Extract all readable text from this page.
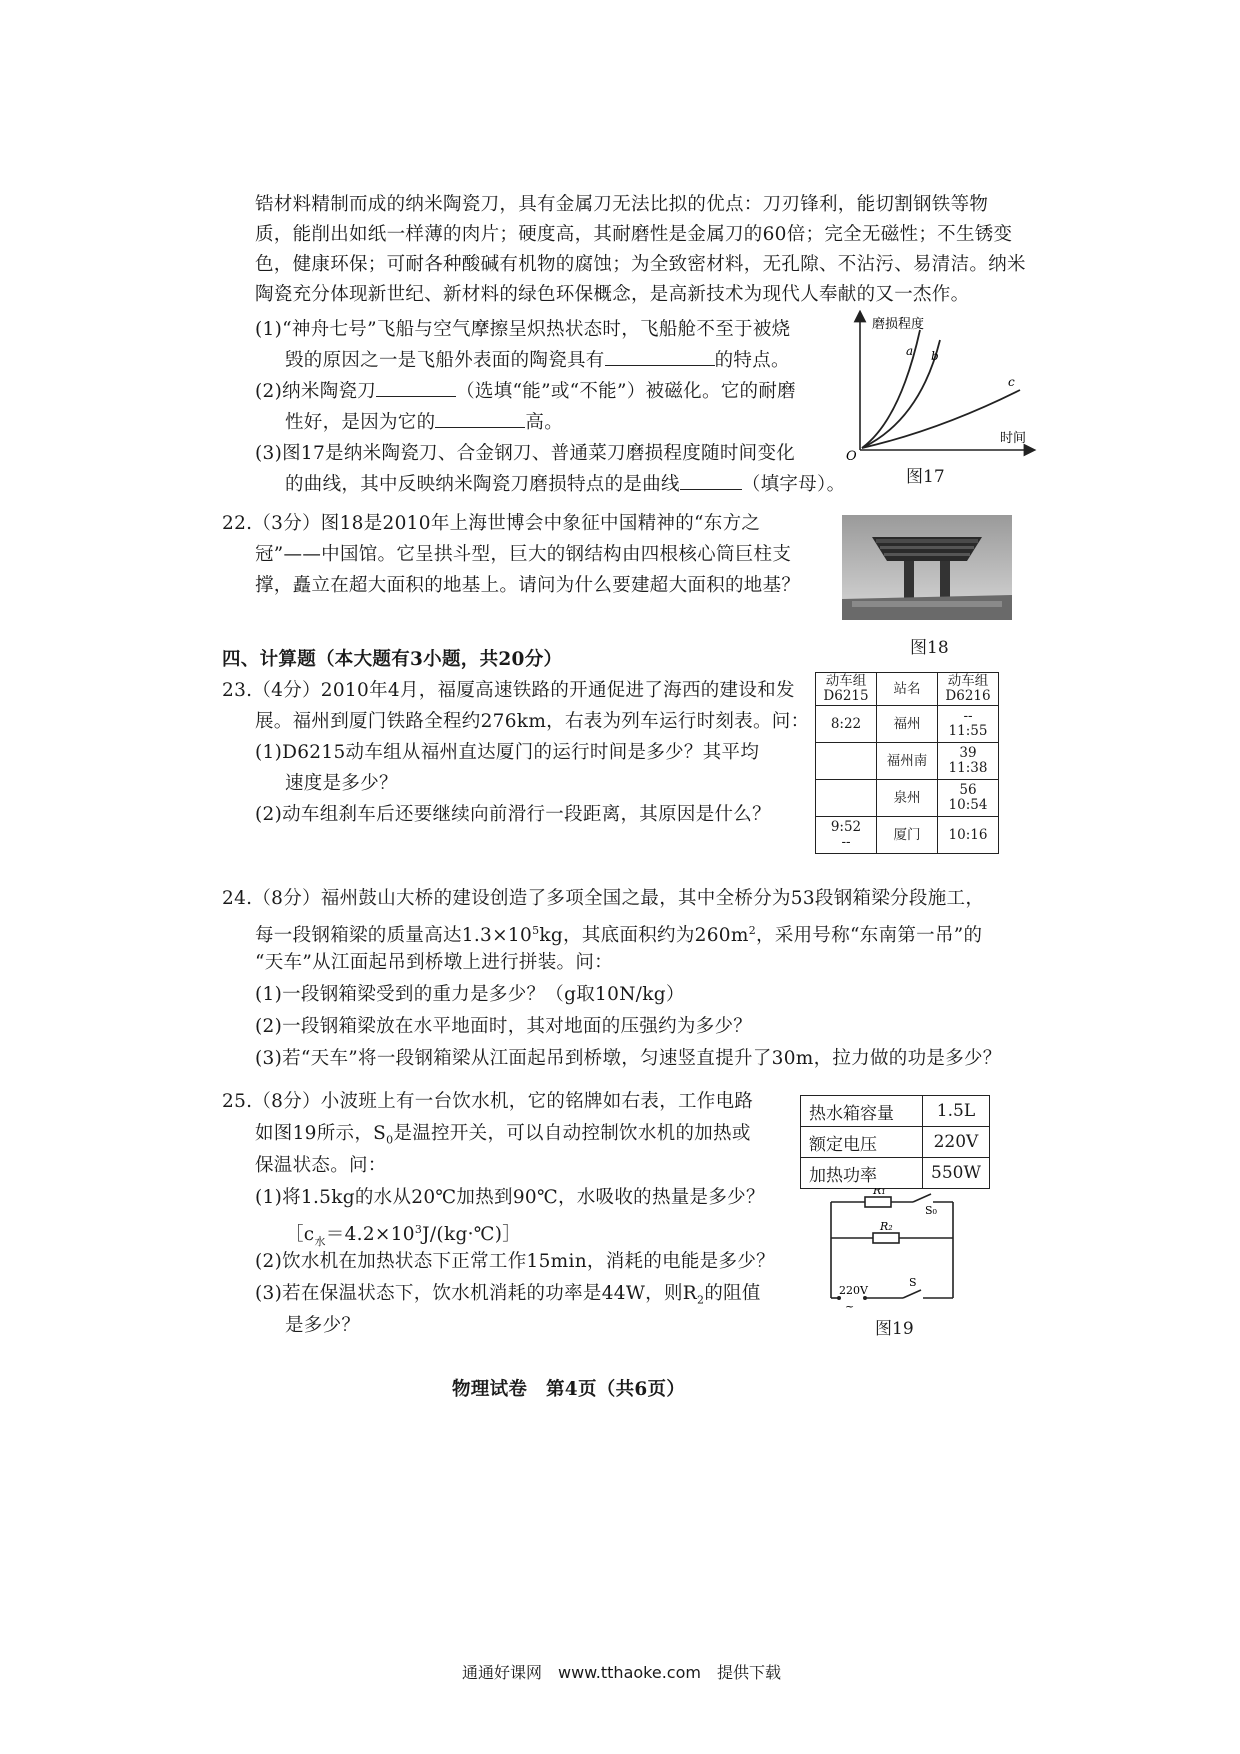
锆材料精制而成的纳米陶瓷刀，具有金属刀无法比拟的优点：刀刃锋利，能切割钢铁等物
质，能削出如纸一样薄的肉片；硬度高，其耐磨性是金属刀的60倍；完全无磁性；不生锈变
色，健康环保；可耐各种酸碱有机物的腐蚀；为全致密材料，无孔隙、不沾污、易清洁。纳米
陶瓷充分体现新世纪、新材料的绿色环保概念，是高新技术为现代人奉献的又一杰作。
(1)“神舟七号”飞船与空气摩擦呈炽热状态时，飞船舱不至于被烧
毁的原因之一是飞船外表面的陶瓷具有	的特点。
(2)纳米陶瓷刀	（选填“能”或“不能”）被磁化。它的耐磨
性好，是因为它的	高。
(3)图17是纳米陶瓷刀、合金钢刀、普通菜刀磨损程度随时间变化
的曲线，其中反映纳米陶瓷刀磨损特点的是曲线	（填字母）。
磨损程度
时间
O
a b
c
图17
22.（3分）图18是2010年上海世博会中象征中国精神的“东方之
冠”——中国馆。它呈拱斗型，巨大的钢结构由四根核心筒巨柱支
撑，矗立在超大面积的地基上。请问为什么要建超大面积的地基？
图18
四、计算题（本大题有3小题，共20分）
23.（4分）2010年4月，福厦高速铁路的开通促进了海西的建设和发
展。福州到厦门铁路全程约276km，右表为列车运行时刻表。问：
(1)D6215动车组从福州直达厦门的运行时间是多少？其平均
速度是多少？
(2)动车组刹车后还要继续向前滑行一段距离，其原因是什么？
动车组D6215	站名	动车组D6216
8:22	福州	--
11:55
	福州南	39
11:38
	泉州	56
10:54
9:52
--	厦门	10:16
24.（8分）福州鼓山大桥的建设创造了多项全国之最，其中全桥分为53段钢箱梁分段施工，
每一段钢箱梁的质量高达$1.3\times 10^5kg$，其底面积约为$260m^2$，采用号称“东南第一吊”的
“天车”从江面起吊到桥墩上进行拼装。问：
(1)一段钢箱梁受到的重力是多少？（g取10N/kg）
(2)一段钢箱梁放在水平地面时，其对地面的压强约为多少？
(3)若“天车”将一段钢箱梁从江面起吊到桥墩，匀速竖直提升了30m，拉力做的功是多少？
25.（8分）小波班上有一台饮水机，它的铭牌如右表，工作电路
如图19所示，$S_0$是温控开关，可以自动控制饮水机的加热或
保温状态。问：
(1)将1.5kg的水从20℃加热到90℃，水吸收的热量是多少？
$[c_水=4.2\times 10^3J/(kg\cdot℃)]$
(2)饮水机在加热状态下正常工作15min，消耗的电能是多少？
(3)若在保温状态下，饮水机消耗的功率是44W，则$R_2$的阻值
是多少？
热水箱容量	1.5L
额定电压	220V
加热功率	550W
R₁
R₂
S₀
S
220V
~
图19
物理试卷　第4页（共6页）
通通好课网　www.tthaoke.com　提供下载
